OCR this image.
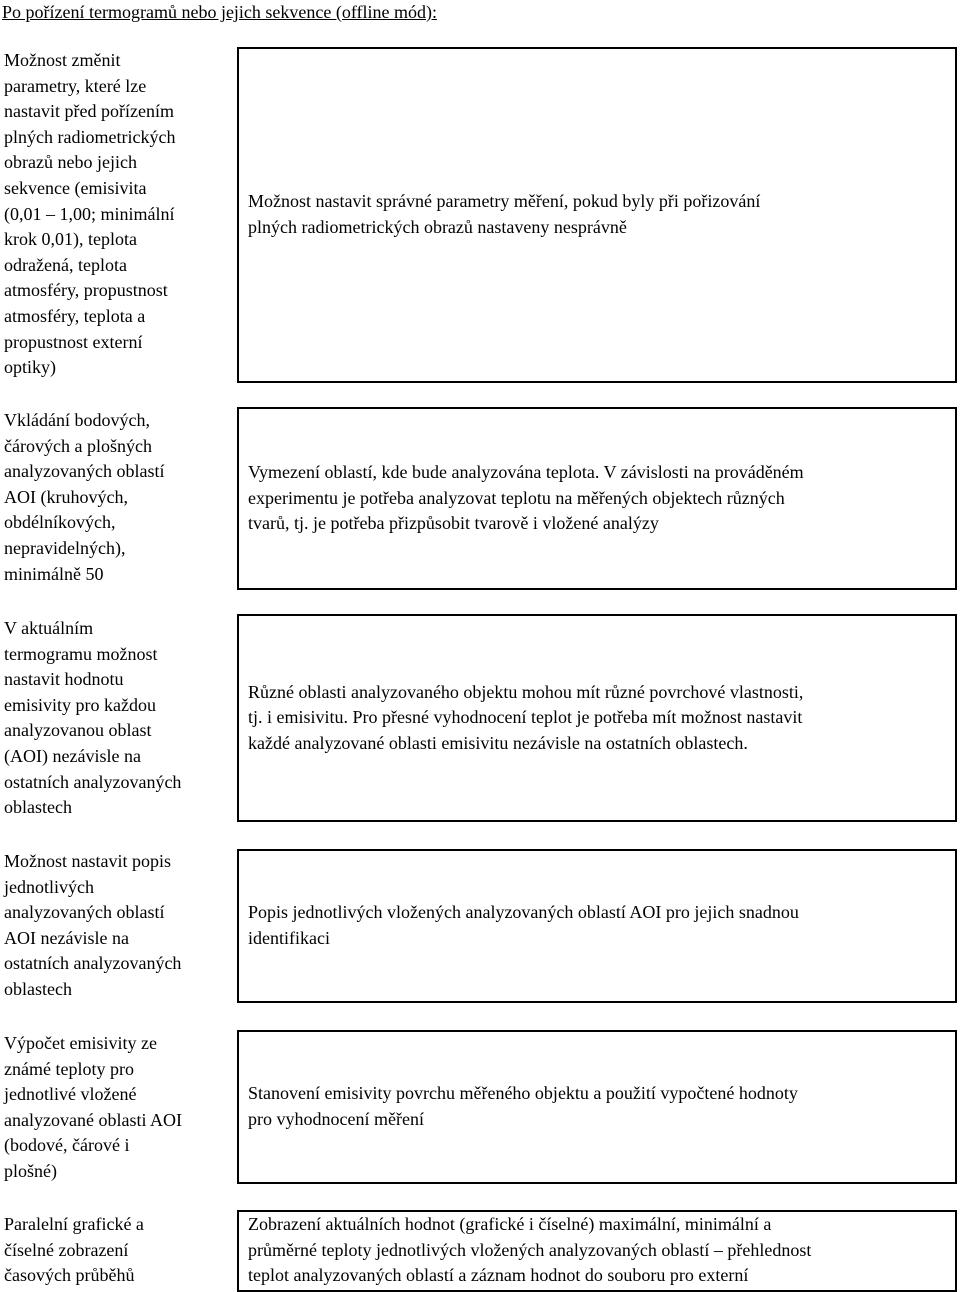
Po pořízení termogramů nebo jejich sekvence (offline mód):
Možnost změnit
parametry, které lze
nastavit před pořízením
plných radiometrických
obrazů nebo jejich
sekvence (emisivita
(0,01 – 1,00; minimální
krok 0,01), teplota
odražená, teplota
atmosféry, propustnost
atmosféry, teplota a
propustnost externí
optiky)
Možnost nastavit správné parametry měření, pokud byly při pořizování
plných radiometrických obrazů nastaveny nesprávně
Vkládání bodových,
čárových a plošných
analyzovaných oblastí
AOI (kruhových,
obdélníkových,
nepravidelných),
minimálně 50
Vymezení oblastí, kde bude analyzována teplota. V závislosti na prováděném
experimentu je potřeba analyzovat teplotu na měřených objektech různých
tvarů, tj. je potřeba přizpůsobit tvarově i vložené analýzy
V aktuálním
termogramu možnost
nastavit hodnotu
emisivity pro každou
analyzovanou oblast
(AOI) nezávisle na
ostatních analyzovaných
oblastech
Různé oblasti analyzovaného objektu mohou mít různé povrchové vlastnosti,
tj. i emisivitu. Pro přesné vyhodnocení teplot je potřeba mít možnost nastavit
každé analyzované oblasti emisivitu nezávisle na ostatních oblastech.
Možnost nastavit popis
jednotlivých
analyzovaných oblastí
AOI nezávisle na
ostatních analyzovaných
oblastech
Popis jednotlivých vložených analyzovaných oblastí AOI pro jejich snadnou
identifikaci
Výpočet emisivity ze
známé teploty pro
jednotlivé vložené
analyzované oblasti AOI
(bodové, čárové i
plošné)
Stanovení emisivity povrchu měřeného objektu a použití vypočtené hodnoty
pro vyhodnocení měření
Paralelní grafické a
číselné zobrazení
časových průběhů
Zobrazení aktuálních hodnot (grafické i číselné) maximální, minimální a
průměrné teploty jednotlivých vložených analyzovaných oblastí – přehlednost
teplot analyzovaných oblastí a záznam hodnot do souboru pro externí
